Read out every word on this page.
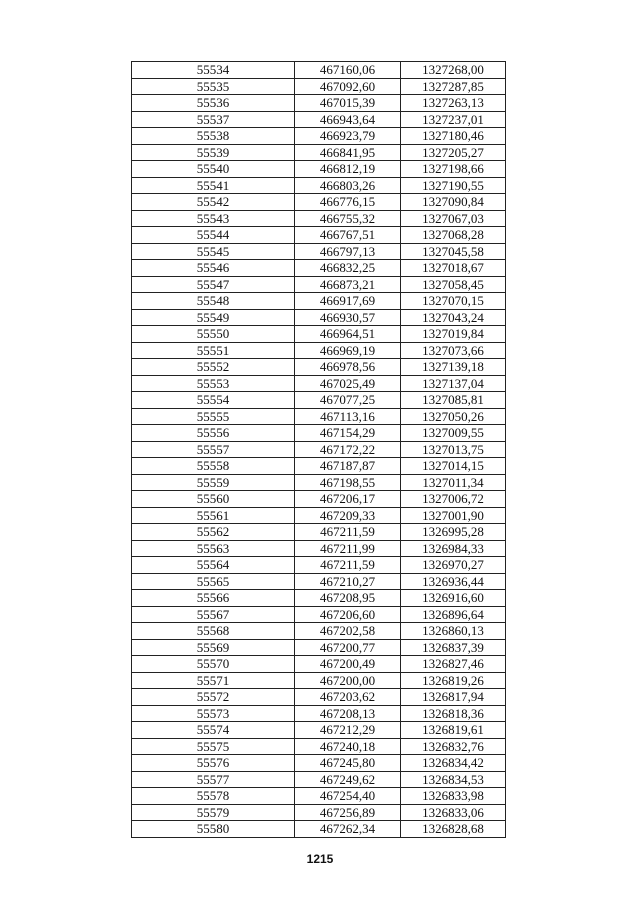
55534	467160,06	1327268,00
55535	467092,60	1327287,85
55536	467015,39	1327263,13
55537	466943,64	1327237,01
55538	466923,79	1327180,46
55539	466841,95	1327205,27
55540	466812,19	1327198,66
55541	466803,26	1327190,55
55542	466776,15	1327090,84
55543	466755,32	1327067,03
55544	466767,51	1327068,28
55545	466797,13	1327045,58
55546	466832,25	1327018,67
55547	466873,21	1327058,45
55548	466917,69	1327070,15
55549	466930,57	1327043,24
55550	466964,51	1327019,84
55551	466969,19	1327073,66
55552	466978,56	1327139,18
55553	467025,49	1327137,04
55554	467077,25	1327085,81
55555	467113,16	1327050,26
55556	467154,29	1327009,55
55557	467172,22	1327013,75
55558	467187,87	1327014,15
55559	467198,55	1327011,34
55560	467206,17	1327006,72
55561	467209,33	1327001,90
55562	467211,59	1326995,28
55563	467211,99	1326984,33
55564	467211,59	1326970,27
55565	467210,27	1326936,44
55566	467208,95	1326916,60
55567	467206,60	1326896,64
55568	467202,58	1326860,13
55569	467200,77	1326837,39
55570	467200,49	1326827,46
55571	467200,00	1326819,26
55572	467203,62	1326817,94
55573	467208,13	1326818,36
55574	467212,29	1326819,61
55575	467240,18	1326832,76
55576	467245,80	1326834,42
55577	467249,62	1326834,53
55578	467254,40	1326833,98
55579	467256,89	1326833,06
55580	467262,34	1326828,68
1215
